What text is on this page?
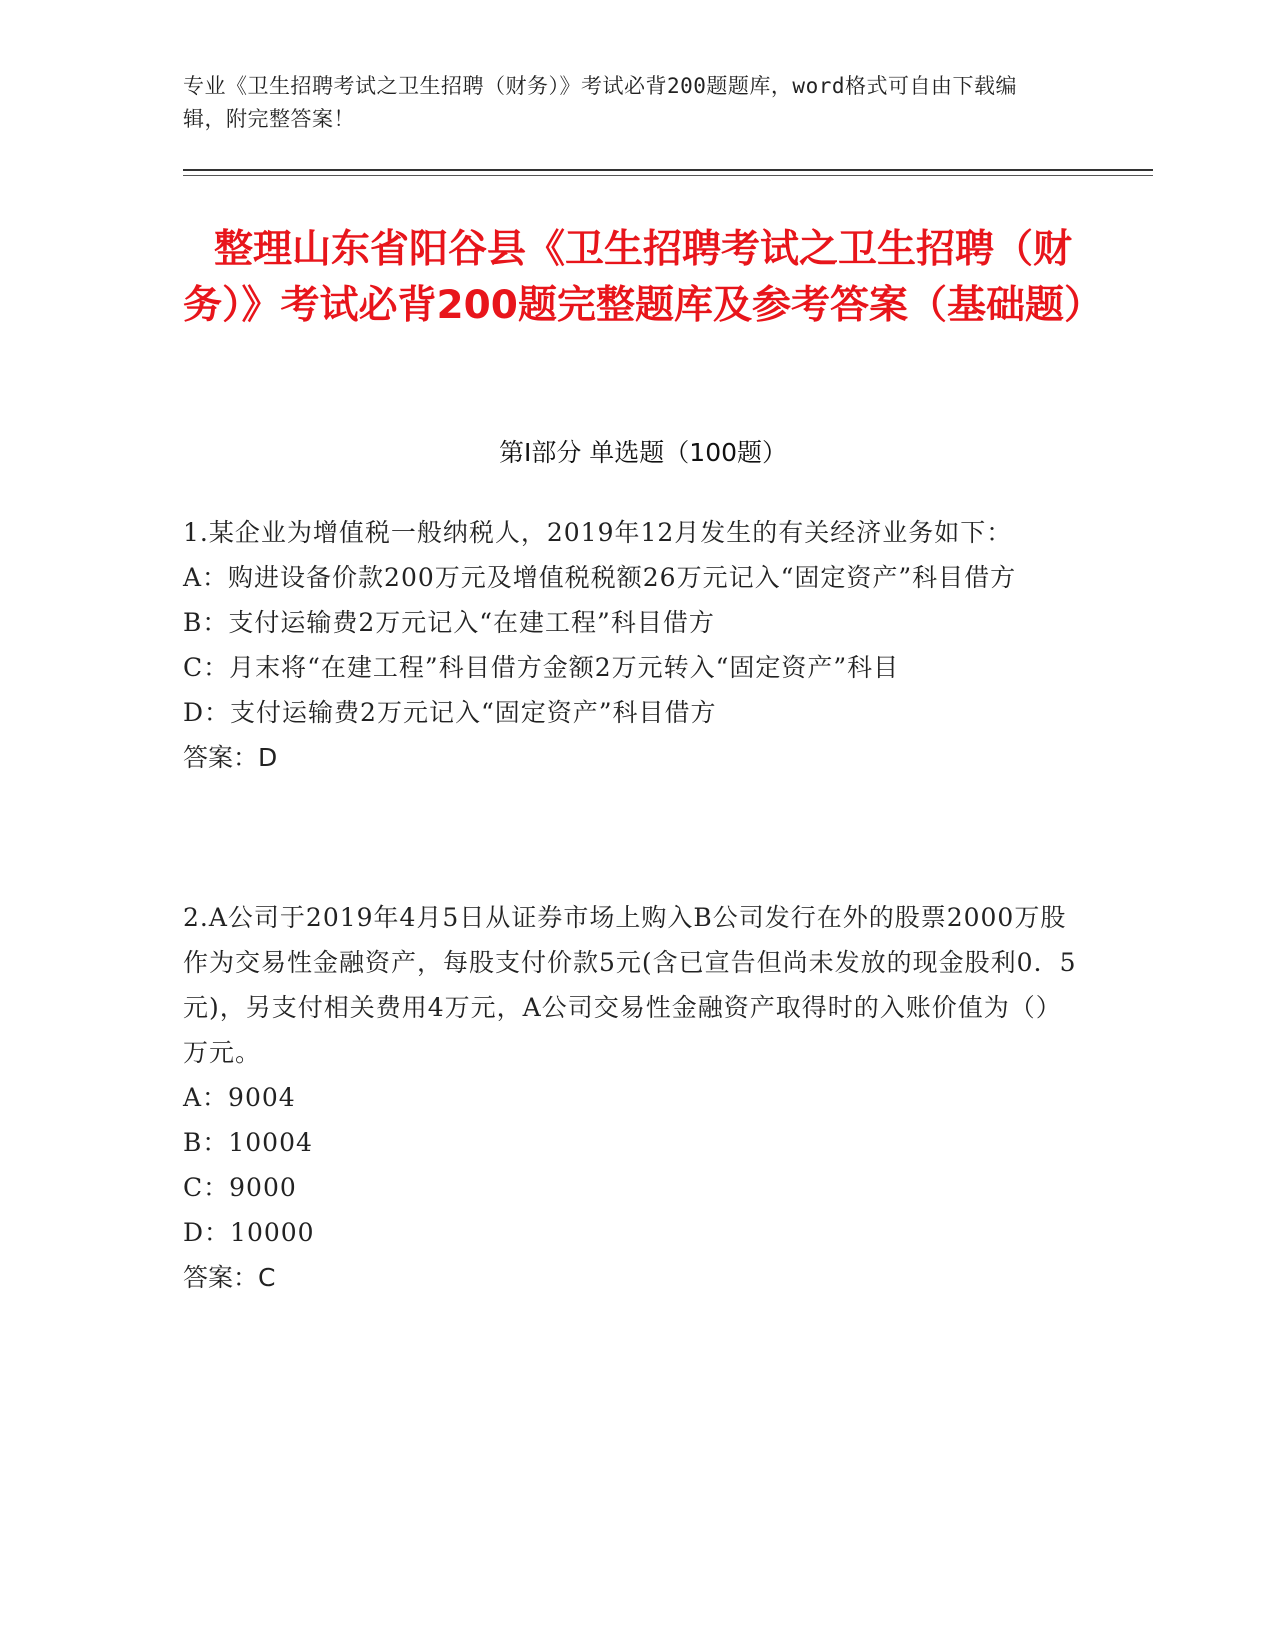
专业《卫生招聘考试之卫生招聘（财务）》考试必背200题题库，word格式可自由下载编辑，附完整答案！
整理山东省阳谷县《卫生招聘考试之卫生招聘（财务）》考试必背200题完整题库及参考答案（基础题）
第Ⅰ部分 单选题（100题）

1.某企业为增值税一般纳税人，2019年12月发生的有关经济业务如下：

A：购进设备价款200万元及增值税税额26万元记入“固定资产”科目借方

B：支付运输费2万元记入“在建工程”科目借方

C：月末将“在建工程”科目借方金额2万元转入“固定资产”科目

D：支付运输费2万元记入“固定资产”科目借方

答案：D

2.A公司于2019年4月5日从证券市场上购入B公司发行在外的股票2000万股作为交易性金融资产，每股支付价款5元(含已宣告但尚未发放的现金股利0．5元)，另支付相关费用4万元，A公司交易性金融资产取得时的入账价值为（）万元。

A：9004

B：10004

C：9000

D：10000

答案：C
